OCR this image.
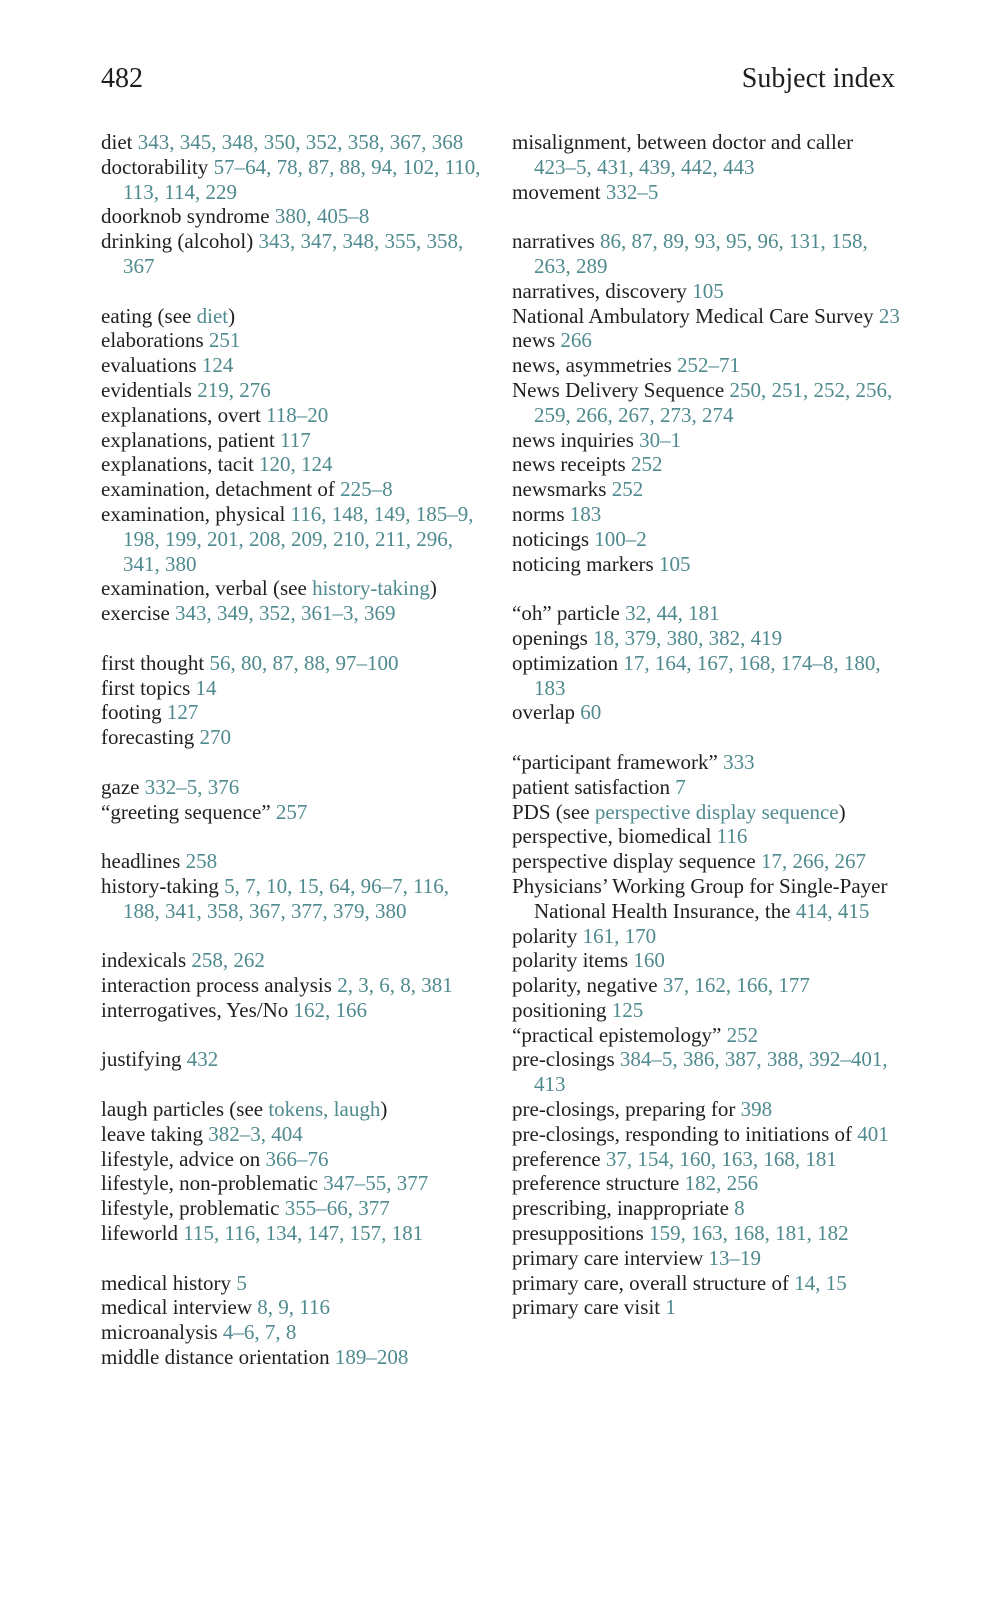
482	Subject index
diet 343, 345, 348, 350, 352, 358, 367, 368
doctorability 57–64, 78, 87, 88, 94, 102, 110, 113, 114, 229
doorknob syndrome 380, 405–8
drinking (alcohol) 343, 347, 348, 355, 358, 367
eating (see diet)
elaborations 251
evaluations 124
evidentials 219, 276
explanations, overt 118–20
explanations, patient 117
explanations, tacit 120, 124
examination, detachment of 225–8
examination, physical 116, 148, 149, 185–9, 198, 199, 201, 208, 209, 210, 211, 296, 341, 380
examination, verbal (see history-taking)
exercise 343, 349, 352, 361–3, 369
first thought 56, 80, 87, 88, 97–100
first topics 14
footing 127
forecasting 270
gaze 332–5, 376
“greeting sequence” 257
headlines 258
history-taking 5, 7, 10, 15, 64, 96–7, 116, 188, 341, 358, 367, 377, 379, 380
indexicals 258, 262
interaction process analysis 2, 3, 6, 8, 381
interrogatives, Yes/No 162, 166
justifying 432
laugh particles (see tokens, laugh)
leave taking 382–3, 404
lifestyle, advice on 366–76
lifestyle, non-problematic 347–55, 377
lifestyle, problematic 355–66, 377
lifeworld 115, 116, 134, 147, 157, 181
medical history 5
medical interview 8, 9, 116
microanalysis 4–6, 7, 8
middle distance orientation 189–208
misalignment, between doctor and caller 423–5, 431, 439, 442, 443
movement 332–5
narratives 86, 87, 89, 93, 95, 96, 131, 158, 263, 289
narratives, discovery 105
National Ambulatory Medical Care Survey 23
news 266
news, asymmetries 252–71
News Delivery Sequence 250, 251, 252, 256, 259, 266, 267, 273, 274
news inquiries 30–1
news receipts 252
newsmarks 252
norms 183
noticings 100–2
noticing markers 105
“oh” particle 32, 44, 181
openings 18, 379, 380, 382, 419
optimization 17, 164, 167, 168, 174–8, 180, 183
overlap 60
“participant framework” 333
patient satisfaction 7
PDS (see perspective display sequence)
perspective, biomedical 116
perspective display sequence 17, 266, 267
Physicians’ Working Group for Single-Payer National Health Insurance, the 414, 415
polarity 161, 170
polarity items 160
polarity, negative 37, 162, 166, 177
positioning 125
“practical epistemology” 252
pre-closings 384–5, 386, 387, 388, 392–401, 413
pre-closings, preparing for 398
pre-closings, responding to initiations of 401
preference 37, 154, 160, 163, 168, 181
preference structure 182, 256
prescribing, inappropriate 8
presuppositions 159, 163, 168, 181, 182
primary care interview 13–19
primary care, overall structure of 14, 15
primary care visit 1
